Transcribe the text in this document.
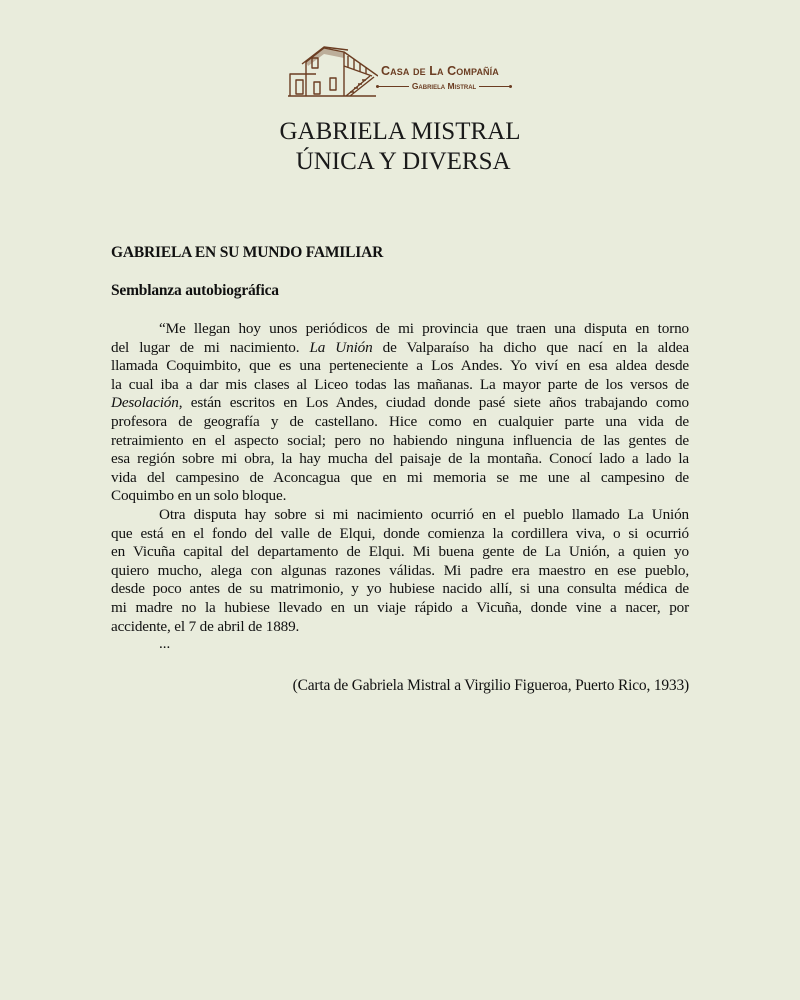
Casa de La Compañía
Gabriela Mistral
GABRIELA MISTRAL
ÚNICA Y DIVERSA
GABRIELA EN SU MUNDO FAMILIAR
Semblanza autobiográfica
“Me llegan hoy unos periódicos de mi provincia que traen una disputa en torno
del lugar de mi nacimiento. La Unión de Valparaíso ha dicho que nací en la aldea
llamada Coquimbito, que es una perteneciente a Los Andes. Yo viví en esa aldea desde
la cual iba a dar mis clases al Liceo todas las mañanas. La mayor parte de los versos de
Desolación, están escritos en Los Andes, ciudad donde pasé siete años trabajando como
profesora de geografía y de castellano. Hice como en cualquier parte una vida de
retraimiento en el aspecto social; pero no habiendo ninguna influencia de las gentes de
esa región sobre mi obra, la hay mucha del paisaje de la montaña. Conocí lado a lado la
vida del campesino de Aconcagua que en mi memoria se me une al campesino de
Coquimbo en un solo bloque.
Otra disputa hay sobre si mi nacimiento ocurrió en el pueblo llamado La Unión
que está en el fondo del valle de Elqui, donde comienza la cordillera viva, o si ocurrió
en Vicuña capital del departamento de Elqui. Mi buena gente de La Unión, a quien yo
quiero mucho, alega con algunas razones válidas. Mi padre era maestro en ese pueblo,
desde poco antes de su matrimonio, y yo hubiese nacido allí, si una consulta médica de
mi madre no la hubiese llevado en un viaje rápido a Vicuña, donde vine a nacer, por
accidente, el 7 de abril de 1889.
...
(Carta de Gabriela Mistral a Virgilio Figueroa, Puerto Rico, 1933)
